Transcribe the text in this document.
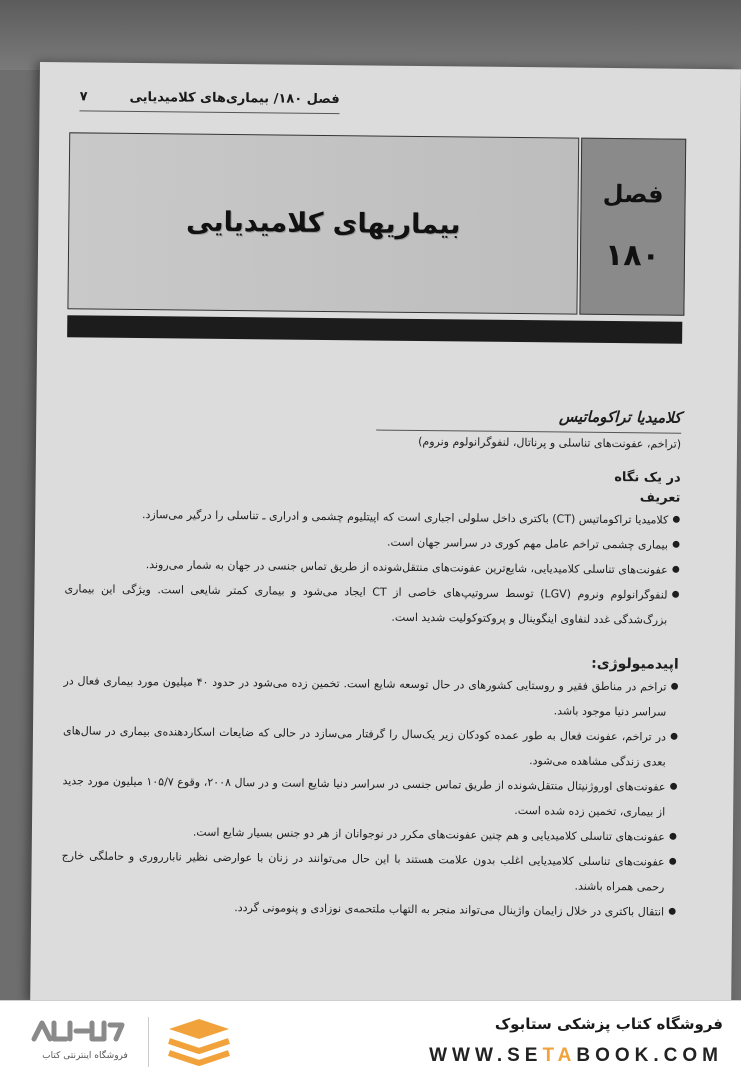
فصل ۱۸۰/ بیماری‌های کلامیدیایی
۷
بیماریهای کلامیدیایی
فصل
۱۸۰
کلامیدیا تراکوماتیس
(تراخم، عفونت‌های تناسلی و پرناتال، لنفوگرانولوم ونروم)
در یک نگاه
تعریف
● کلامیدیا تراکوماتیس (CT) باکتری داخل سلولی اجباری است که اپیتلیوم چشمی و ادراری ـ تناسلی را درگیر می‌سازد.
● بیماری چشمی تراخم عامل مهم کوری در سراسر جهان است.
● عفونت‌های تناسلی کلامیدیایی، شایع‌ترین عفونت‌های منتقل‌شونده از طریق تماس جنسی در جهان به شمار می‌روند.
● لنفوگرانولوم ونروم (LGV) توسط سروتیپ‌های خاصی از CT ایجاد می‌شود و بیماری کمتر شایعی است. ویژگی این بیماری بزرگ‌شدگی غدد لنفاوی اینگوینال و پروکتوکولیت شدید است.
اپیدمیولوژی:
● تراخم در مناطق فقیر و روستایی کشورهای در حال توسعه شایع است. تخمین زده می‌شود در حدود ۴۰ میلیون مورد بیماری فعال در سراسر دنیا موجود باشد.
● در تراخم، عفونت فعال به طور عمده کودکان زیر یک‌سال را گرفتار می‌سازد در حالی که ضایعات اسکاردهنده‌ی بیماری در سال‌های بعدی زندگی مشاهده می‌شود.
● عفونت‌های اوروژنیتال منتقل‌شونده از طریق تماس جنسی در سراسر دنیا شایع است و در سال ۲۰۰۸، وقوع ۱۰۵/۷ میلیون مورد جدید از بیماری، تخمین زده شده است.
● عفونت‌های تناسلی کلامیدیایی و هم چنین عفونت‌های مکرر در نوجوانان از هر دو جنس بسیار شایع است.
● عفونت‌های تناسلی کلامیدیایی اغلب بدون علامت هستند با این حال می‌توانند در زنان با عوارضی نظیر نابارروری و حاملگی خارج رحمی همراه باشند.
● انتقال باکتری در خلال زایمان واژینال می‌تواند منجر به التهاب ملتحمه‌ی نوزادی و پنومونی گردد.
فروشگاه اینترنتی کتاب
فروشگاه کتاب پزشکی ستابوک
WWW.SETABOOK.COM
